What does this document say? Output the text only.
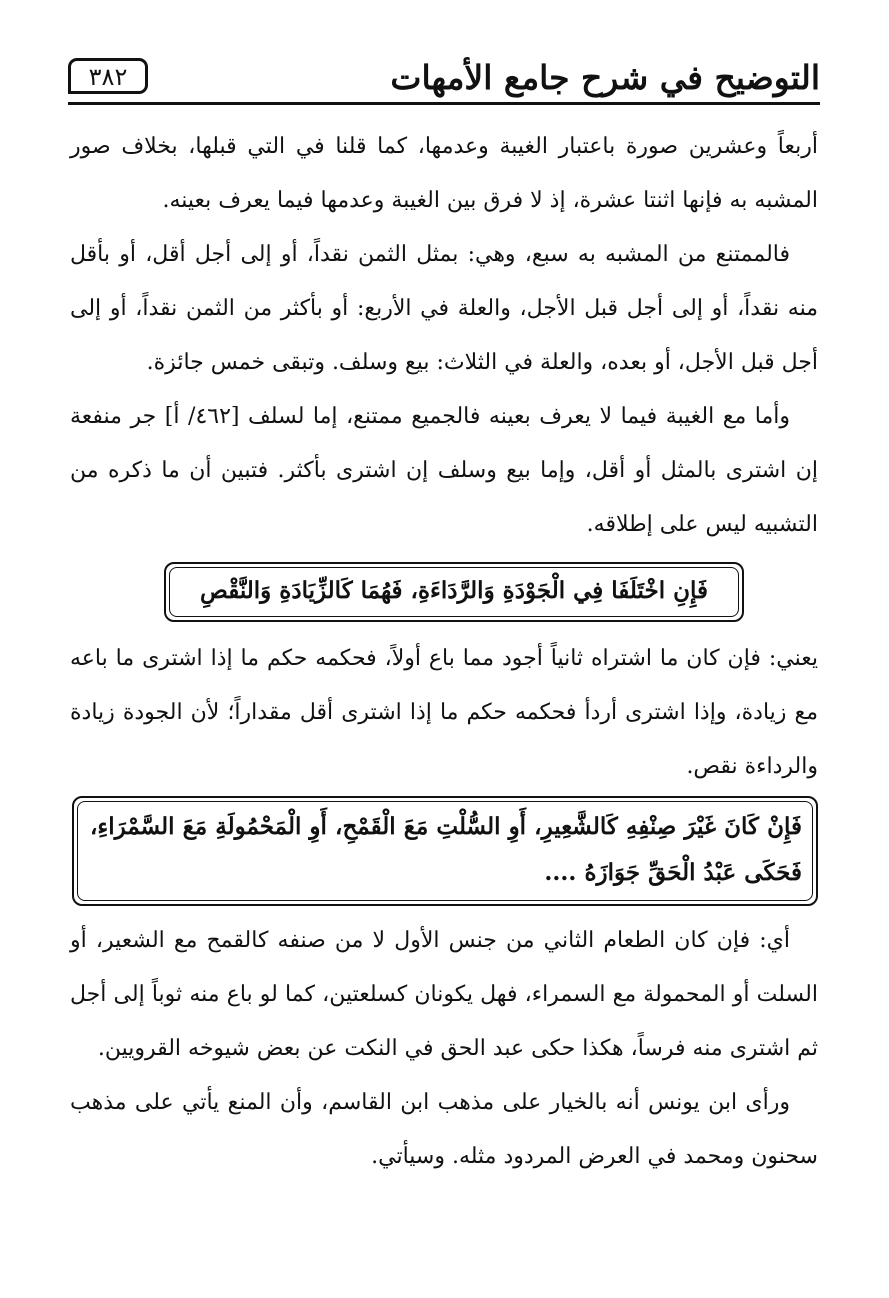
التوضيح في شرح جامع الأمهات
٣٨٢
أربعاً وعشرين صورة باعتبار الغيبة وعدمها، كما قلنا في التي قبلها، بخلاف صور المشبه به فإنها اثنتا عشرة، إذ لا فرق بين الغيبة وعدمها فيما يعرف بعينه.
فالممتنع من المشبه به سبع، وهي: بمثل الثمن نقداً، أو إلى أجل أقل، أو بأقل منه نقداً، أو إلى أجل قبل الأجل، والعلة في الأربع: أو بأكثر من الثمن نقداً، أو إلى أجل قبل الأجل، أو بعده، والعلة في الثلاث: بيع وسلف. وتبقى خمس جائزة.
وأما مع الغيبة فيما لا يعرف بعينه فالجميع ممتنع، إما لسلف [٤٦٢/ أ] جر منفعة إن اشترى بالمثل أو أقل، وإما بيع وسلف إن اشترى بأكثر. فتبين أن ما ذكره من التشبيه ليس على إطلاقه.
فَإِنِ اخْتَلَفَا فِي الْجَوْدَةِ وَالرَّدَاءَةِ، فَهُمَا كَالزِّيَادَةِ وَالنَّقْصِ
يعني: فإن كان ما اشتراه ثانياً أجود مما باع أولاً، فحكمه حكم ما إذا اشترى ما باعه مع زيادة، وإذا اشترى أردأ فحكمه حكم ما إذا اشترى أقل مقداراً؛ لأن الجودة زيادة والرداءة نقص.
فَإِنْ كَانَ غَيْرَ صِنْفِهِ كَالشَّعِيرِ، أَوِ السُّلْتِ مَعَ الْقَمْحِ، أَوِ الْمَحْمُولَةِ مَعَ السَّمْرَاءِ، فَحَكَى عَبْدُ الْحَقِّ جَوَازَهُ ....
أي: فإن كان الطعام الثاني من جنس الأول لا من صنفه كالقمح مع الشعير، أو السلت أو المحمولة مع السمراء، فهل يكونان كسلعتين، كما لو باع منه ثوباً إلى أجل ثم اشترى منه فرساً، هكذا حكى عبد الحق في النكت عن بعض شيوخه القرويين.
ورأى ابن يونس أنه بالخيار على مذهب ابن القاسم، وأن المنع يأتي على مذهب سحنون ومحمد في العرض المردود مثله. وسيأتي.
